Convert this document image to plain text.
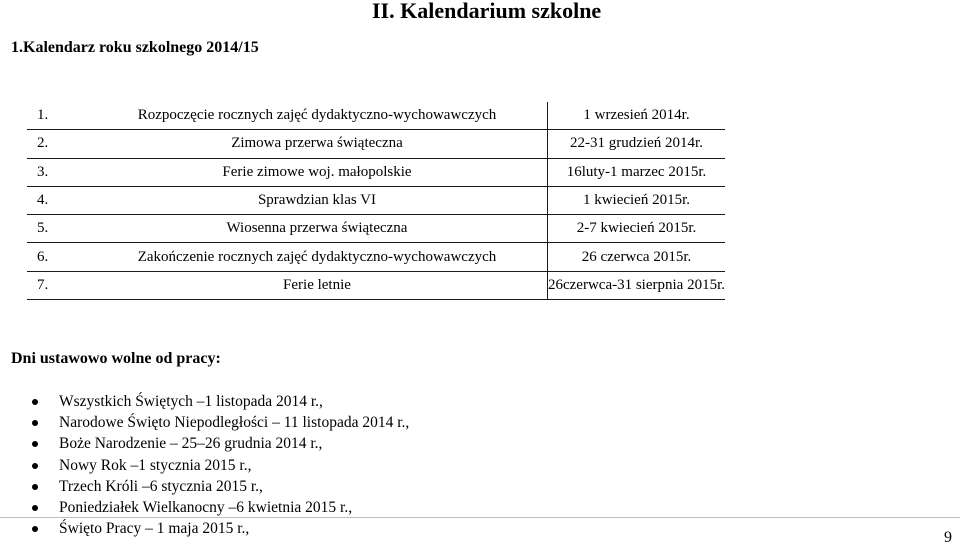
II. Kalendarium szkolne
1.Kalendarz roku szkolnego 2014/15
1.	Rozpoczęcie rocznych zajęć dydaktyczno-wychowawczych	1 wrzesień 2014r.
2.	Zimowa przerwa świąteczna	22-31 grudzień 2014r.
3.	Ferie zimowe woj. małopolskie	16luty-1 marzec 2015r.
4.	Sprawdzian klas VI	1 kwiecień 2015r.
5.	Wiosenna przerwa świąteczna	2-7 kwiecień 2015r.
6.	Zakończenie rocznych zajęć dydaktyczno-wychowawczych	26 czerwca 2015r.
7.	Ferie letnie	26czerwca-31 sierpnia 2015r.
Dni ustawowo wolne od pracy:
Wszystkich Świętych –1 listopada 2014 r.,
Narodowe Święto Niepodległości – 11 listopada 2014 r.,
Boże Narodzenie – 25–26 grudnia 2014 r.,
Nowy Rok –1 stycznia 2015 r.,
Trzech Króli –6 stycznia 2015 r.,
Poniedziałek Wielkanocny –6 kwietnia 2015 r.,
Święto Pracy – 1 maja 2015 r.,
9
